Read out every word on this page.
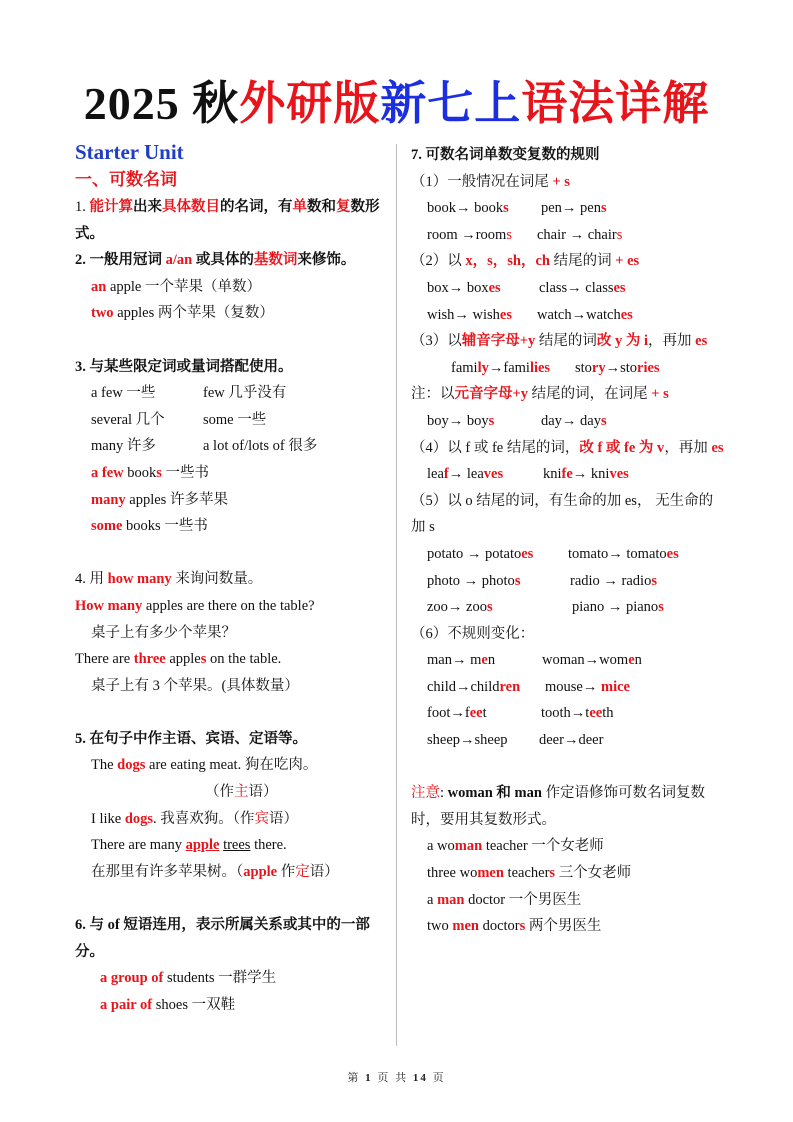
2025 秋外研版新七上语法详解
Starter Unit
一、可数名词
1. 能计算出来具体数目的名词，有单数和复数形式。
2. 一般用冠词 a/an 或具体的基数词来修饰。
an apple 一个苹果（单数）
two apples 两个苹果（复数）
3. 与某些限定词或量词搭配使用。
a few 一些	few 几乎没有
several 几个	some 一些
many 许多	a lot of/lots of 很多
a few books 一些书
many apples 许多苹果
some books 一些书
4. 用 how many 来询问数量。
How many apples are there on the table?
桌子上有多少个苹果？
There are three apples on the table.
桌子上有 3 个苹果。(具体数量）
5. 在句子中作主语、宾语、定语等。
The dogs are eating meat. 狗在吃肉。
（作主语）
I like dogs. 我喜欢狗。（作宾语）
There are many apple trees there.
在那里有许多苹果树。（apple 作定语）
6. 与 of 短语连用，表示所属关系或其中的一部分。
a group of students 一群学生
a pair of shoes 一双鞋
7. 可数名词单数变复数的规则
（1）一般情况在词尾 + s
book→ books pen→ pens
room →rooms chair → chairs
（2）以 x，s，sh，ch 结尾的词 + es
box→ boxes	class→ classes
wish→ wishes watch→watches
（3）以辅音字母+y 结尾的词改 y 为 i，再加 es
family→families story→stories
注：以元音字母+y 结尾的词，在词尾 + s
boy→ boys	day→ days
（4）以 f 或 fe 结尾的词，改 f 或 fe 为 v，再加 es
leaf→ leaves	knife→ knives
（5）以 o 结尾的词，有生命的加 es， 无生命的加 s
potato → potatoes tomato→ tomatoes
photo → photos	radio → radios
zoo→ zoos	piano → pianos
（6）不规则变化：
man→ men	woman→women
child→children mouse→ mice
foot→feet	tooth→teeth
sheep→sheep deer→deer
注意: woman 和 man 作定语修饰可数名词复数时，要用其复数形式。
a woman teacher 一个女老师
three women teachers 三个女老师
a man doctor 一个男医生
two men doctors 两个男医生
第 1 页 共 14 页
